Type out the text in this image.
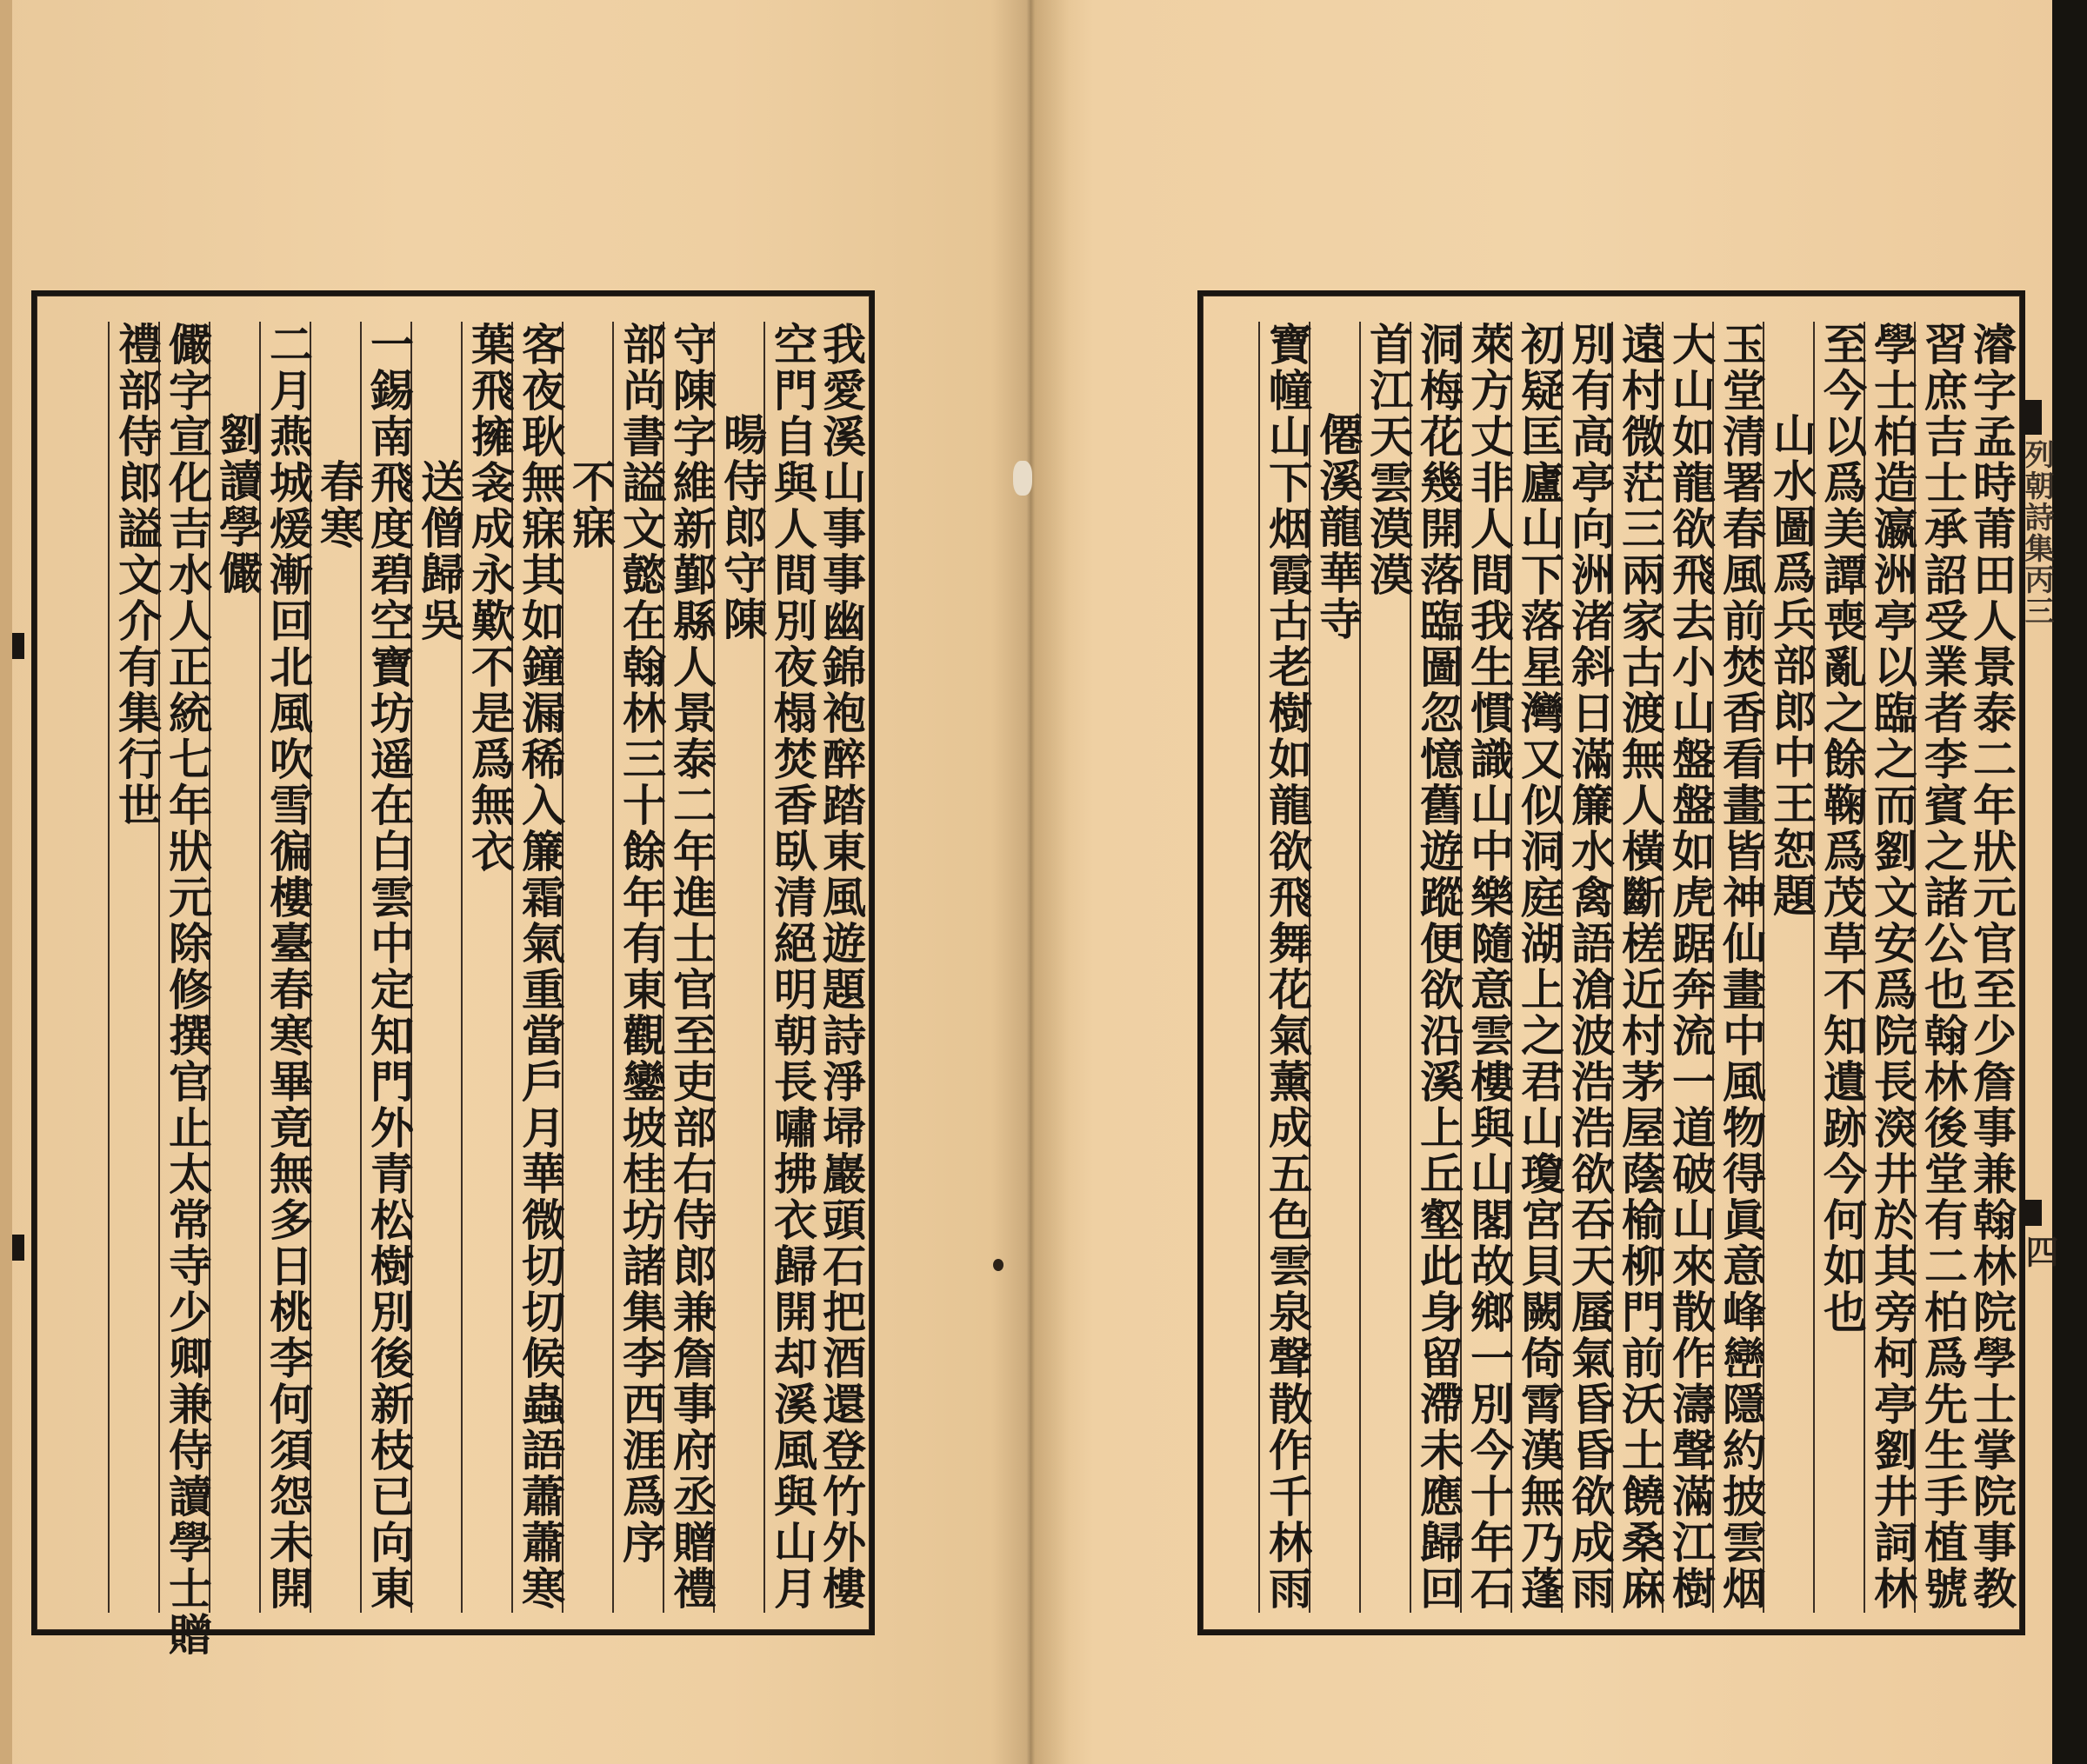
我愛溪山事事幽錦袍醉踏東風遊題詩淨埽巖頭石把酒還登竹外樓
空門自與人間別夜榻焚香臥清絕明朝長嘯拂衣歸開却溪風與山月
暘侍郎守陳
守陳字維新鄞縣人景泰二年進士官至吏部右侍郎兼詹事府丞贈禮
部尚書謚文懿在翰林三十餘年有東觀鑾坡桂坊諸集李西涯爲序
不寐
客夜耿無寐其如鐘漏稀入簾霜氣重當戶月華微切切候蟲語蕭蕭寒
葉飛擁衾成永歎不是爲無衣
送僧歸吳
一錫南飛度碧空寶坊遥在白雲中定知門外青松樹別後新枝已向東
春寒
二月燕城煖漸回北風吹雪徧樓臺春寒畢竟無多日桃李何須怨未開
劉讀學儼
儼字宣化吉水人正統七年狀元除修撰官止太常寺少卿兼侍讀學士贈
禮部侍郎謚文介有集行世	濬字孟時莆田人景泰二年狀元官至少詹事兼翰林院學士掌院事教
習庶吉士承詔受業者李賓之諸公也翰林後堂有二柏爲先生手植號
學士柏造瀛洲亭以臨之而劉文安爲院長㴱井於其旁柯亭劉井詞林
至今以爲美譚喪亂之餘鞠爲茂草不知遺跡今何如也
山水圖爲兵部郎中王恕題
玉堂清署春風前焚香看畫皆神仙畫中風物得眞意峰巒隱約披雲烟
大山如龍欲飛去小山盤盤如虎踞奔流一道破山來散作濤聲滿江樹
遠村微茫三兩家古渡無人橫斷槎近村茅屋蔭榆柳門前沃土饒桑麻
別有高亭向洲渚斜日滿簾水禽語滄波浩浩欲吞天蜃氣昏昏欲成雨
初疑匡廬山下落星灣又似洞庭湖上之君山瓊宮貝闕倚霄漢無乃蓬
萊方丈非人間我生慣識山中樂隨意雲樓與山閣故鄉一別今十年石
洞梅花幾開落臨圖忽憶舊遊蹤便欲沿溪上丘壑此身留滯未應歸回
首江天雲漠漠
僊溪龍華寺
寶幢山下烟霞古老樹如龍欲飛舞花氣薰成五色雲泉聲散作千林雨	列朝詩集丙三
四
